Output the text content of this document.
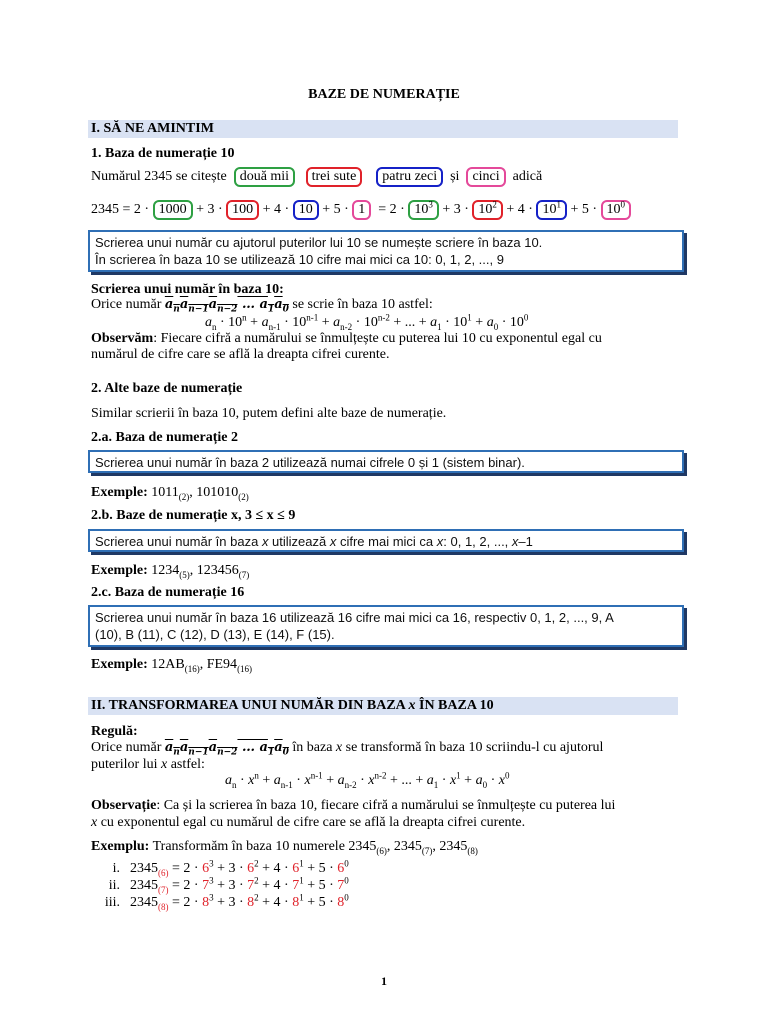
BAZE DE NUMERAȚIE
I. SĂ NE AMINTIM
1. Baza de numerație 10
Numărul 2345 se citește două mii trei sute patru zeci și cinci adică
$2345 = 2 \cdot 1000 + 3 \cdot 100 + 4 \cdot 10 + 5 \cdot 1 = 2 \cdot 10^3 + 3 \cdot 10^2 + 4 \cdot 10^1 + 5 \cdot 10^0$
Scrierea unui număr cu ajutorul puterilor lui 10 se numește scriere în baza 10.
În scrierea în baza 10 se utilizează 10 cifre mai mici ca 10: 0, 1, 2, ..., 9
Scrierea unui număr în baza 10:
Orice număr $a_na_{n-1}a_{n-2}$ … $a_1a_0$ se scrie în baza 10 astfel:
$a_n \cdot 10^n + a_{n-1} \cdot 10^{n-1} + a_{n-2} \cdot 10^{n-2}$ + ... + $a_1 \cdot 10^1 + a_0 \cdot 10^0$
Observăm: Fiecare cifră a numărului se înmulțește cu puterea lui 10 cu exponentul egal cu
numărul de cifre care se află la dreapta cifrei curente.
2. Alte baze de numerație
Similar scrierii în baza 10, putem defini alte baze de numerație.
2.a. Baza de numerație 2
Scrierea unui număr în baza 2 utilizează numai cifrele 0 și 1 (sistem binar).
Exemple: $1011_{(2)}$, $101010_{(2)}$
2.b. Baze de numerație x, 3 ≤ x ≤ 9
Scrierea unui număr în baza x utilizează x cifre mai mici ca x: 0, 1, 2, ..., x–1
Exemple: $1234_{(5)}$, $123456_{(7)}$
2.c. Baza de numerație 16
Scrierea unui număr în baza 16 utilizează 16 cifre mai mici ca 16, respectiv 0, 1, 2, ..., 9, A
(10), B (11), C (12), D (13), E (14), F (15).
Exemple: $12AB_{(16)}$, $FE94_{(16)}$
II. TRANSFORMAREA UNUI NUMĂR DIN BAZA x ÎN BAZA 10
Regulă:
Orice număr $a_na_{n-1}a_{n-2}$ … $a_1a_0$ în baza x se transformă în baza 10 scriindu-l cu ajutorul
puterilor lui x astfel:
$a_n \cdot x^n + a_{n-1} \cdot x^{n-1} + a_{n-2} \cdot x^{n-2}$ + ... + $a_1 \cdot x^1 + a_0 \cdot x^0$
Observație: Ca și la scrierea în baza 10, fiecare cifră a numărului se înmulțește cu puterea lui
x cu exponentul egal cu numărul de cifre care se află la dreapta cifrei curente.
Exemplu: Transformăm în baza 10 numerele $2345_{(6)}$, $2345_{(7)}$, $2345_{(8)}$
i. $2345_{(6)} = 2 \cdot 6^3 + 3 \cdot 6^2 + 4 \cdot 6^1 + 5 \cdot 6^0$
ii. $2345_{(7)} = 2 \cdot 7^3 + 3 \cdot 7^2 + 4 \cdot 7^1 + 5 \cdot 7^0$
iii. $2345_{(8)} = 2 \cdot 8^3 + 3 \cdot 8^2 + 4 \cdot 8^1 + 5 \cdot 8^0$
1
